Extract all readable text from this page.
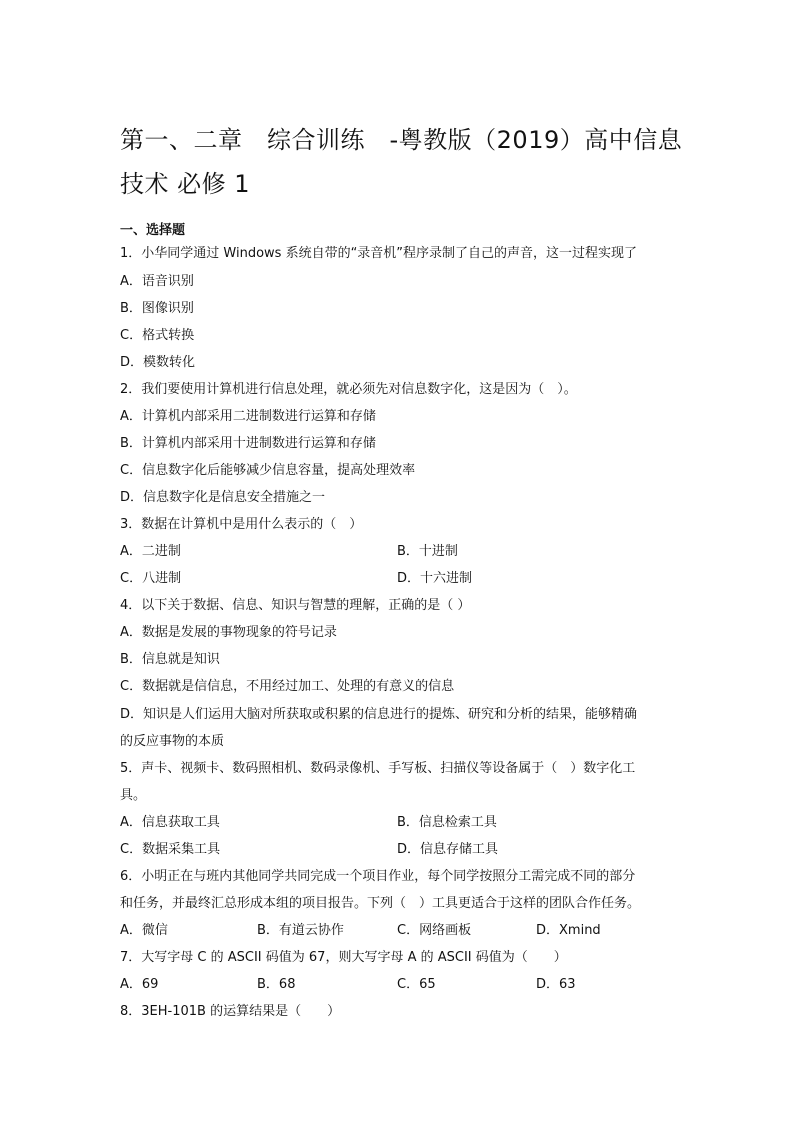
第一、二章　综合训练　-粤教版（2019）高中信息技术 必修 1
一、选择题
1．小华同学通过 Windows 系统自带的“录音机”程序录制了自己的声音，这一过程实现了
A．语音识别
B．图像识别
C．格式转换
D．模数转化
2．我们要使用计算机进行信息处理，就必须先对信息数字化，这是因为（　）。
A．计算机内部采用二进制数进行运算和存储
B．计算机内部采用十进制数进行运算和存储
C．信息数字化后能够减少信息容量，提高处理效率
D．信息数字化是信息安全措施之一
3．数据在计算机中是用什么表示的（　）
A．二进制	B．十进制
C．八进制	D．十六进制
4．以下关于数据、信息、知识与智慧的理解，正确的是（ ）
A．数据是发展的事物现象的符号记录
B．信息就是知识
C．数据就是信信息，不用经过加工、处理的有意义的信息
D．知识是人们运用大脑对所获取或积累的信息进行的提炼、研究和分析的结果，能够精确
的反应事物的本质
5．声卡、视频卡、数码照相机、数码录像机、手写板、扫描仪等设备属于（　）数字化工
具。
A．信息获取工具	B．信息检索工具
C．数据采集工具	D．信息存储工具
6．小明正在与班内其他同学共同完成一个项目作业，每个同学按照分工需完成不同的部分
和任务，并最终汇总形成本组的项目报告。下列（　）工具更适合于这样的团队合作任务。
A．微信	B．有道云协作	C．网络画板	D．Xmind
7．大写字母 C 的 ASCII 码值为 67，则大写字母 A 的 ASCII 码值为（　　）
A．69	B．68	C．65	D．63
8．3EH-101B 的运算结果是（　　）
